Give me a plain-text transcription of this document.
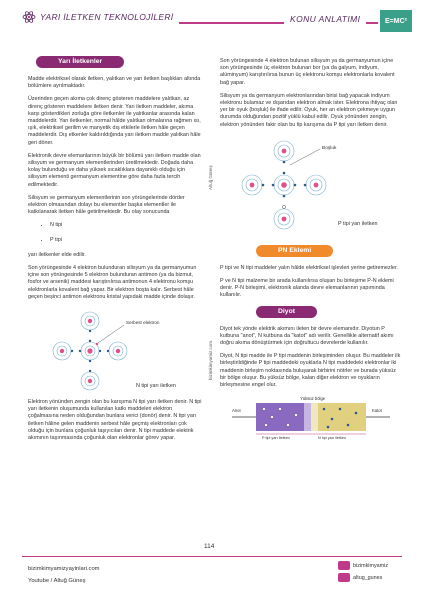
YARI İLETKEN TEKNOLOJİLERİ	KONU ANLATIMI	E=MC²
Yarı İletkenler

Madde elektriksel olarak iletken, yalıtkan ve yarı iletken başlıkları altında bölümlere ayrılmaktadır.

Üzerinden geçen akıma çok direnç gösteren maddelere yalıtkan, az direnç gösteren maddelere iletken denir. Yarı iletken maddeler, akıma karşı gösterdikleri zorluğa göre iletkenler ile yalıtkanlar arasında kalan maddelerdir. Yarı iletkenler, normal hâlde yalıtkan olmalarına rağmen ısı, ışık, elektriksel gerilim ve manyetik dış etkilerle iletken hâle geçen maddelerdir. Dış etkenler kaldırıldığında yarı iletken madde yalıtkan hâle geri döner.

Elektronik devre elemanlarının büyük bir bölümü yarı iletken madde olan silisyum ve germanyum elementlerinden üretilmektedir. Doğada daha kolay bulunduğu ve daha yüksek sıcaklıklara dayanıklı olduğu için silisyum elementi germanyum elementine göre daha fazla tercih edilmektedir.

Silisyum ve germanyum elementlerinin son yörüngelerinde dörder elektron olmasından dolayı bu elementler başka elementler ile katkılanarak iletken hâle getirilmektedir. Bu olay sonucunda

• N tipi
• P tipi

yarı iletkenler elde edilir.

Son yörüngesinde 4 elektron bulunduran silisyum ya da germanyumun içine son yörüngesinde 5 elektron bulunduran antimon (ya da bizmut, fosfor ve arsenik) maddesi karıştırılırsa antimonun 4 elektronu komşu elektronlarla kovalent bağ yapar. Bir elektron boşta kalır. Serbest hâle geçen beşinci antimon elektronu kristal yapıdaki madde içinde dolaşır.

Serbest elektron
N tipi yarı iletken

Elektron yönünden zengin olan bu karışıma N tipi yarı iletken denir. N tipi yarı iletkenin oluşumunda kullanılan katkı maddeleri elektron çoğalmasına neden olduğundan bunlara verici (donör) denir. N tipi yarı iletken hâline gelen maddenin serbest hâle geçmiş elektronları çok olduğu için bunlara çoğunluk taşıyıcıları denir. N tipi maddede elektrik akımının taşınmasında çoğunluk olan elektronlar görev yapar.

Altuğ Güneş
bizimkimyamiz.com

Son yörüngesinde 4 elektron bulunan silisyum ya da germanyumun içine son yörüngesinde üç elektron bulunan bor (ya da galyum, indiyum, alüminyum) karıştırılırsa bunun üç elektronu komşu elektronlarla kovalent bağ yapar.

Silisyum ya da germanyum elektronlarından birisi bağ yapacak indiyum elektronu bulamaz ve dışarıdan elektron almak ister. Elektrona ihtiyaç olan yer bir oyuk (boşluk) ile ifade edilir. Oyuk, her an elektron çekmeye uygun durumda olduğundan pozitif yüklü kabul edilir. Oyuk yönünden zengin, elektron yönünden fakir olan bu tip karışıma da P tipi yarı iletken denir.

Boşluk
P tipi yarı iletken
PN Eklemi

P tipi ve N tipi maddeler yalın hâlde elektriksel işlevleri yerine getiremezler.

P ve N tipi malzeme bir arada kullanılırsa oluşan bu birleşime P-N eklemi denir. P-N birleşimi, elektronik alanda devre elemanlarının yapımında kullanılır.

Diyot

Diyot tek yönde elektrik akımını ileten bir devre elemanıdır. Diyotun P kutbuna "anot", N kutbuna da "katot" adı verilir. Genellikle alternatif akımı doğru akıma dönüştürmek için doğrultucu devrelerde kullanılır.

Diyot, N tipi madde ile P tipi maddenin birleşiminden oluşur. Bu maddeler ilk birleştirildiğinde P tipi maddedeki oyuklarla N tipi maddedeki elektronlar iki maddenin birleşim noktasında buluşarak birbirini nötrler ve burada yüksüz bir bölge oluşur. Bu yüksüz bölge, kalan diğer elektron ve oyukların birleşmesine engel olur.

Yüksüz bölge
Anot	Katot
P tipi yarı iletken	N tipi yarı iletken
114
bizimkimyamizyayinlari.com
Youtube / Altuğ Güneş
bizimkimyamiz
altug_gunes
